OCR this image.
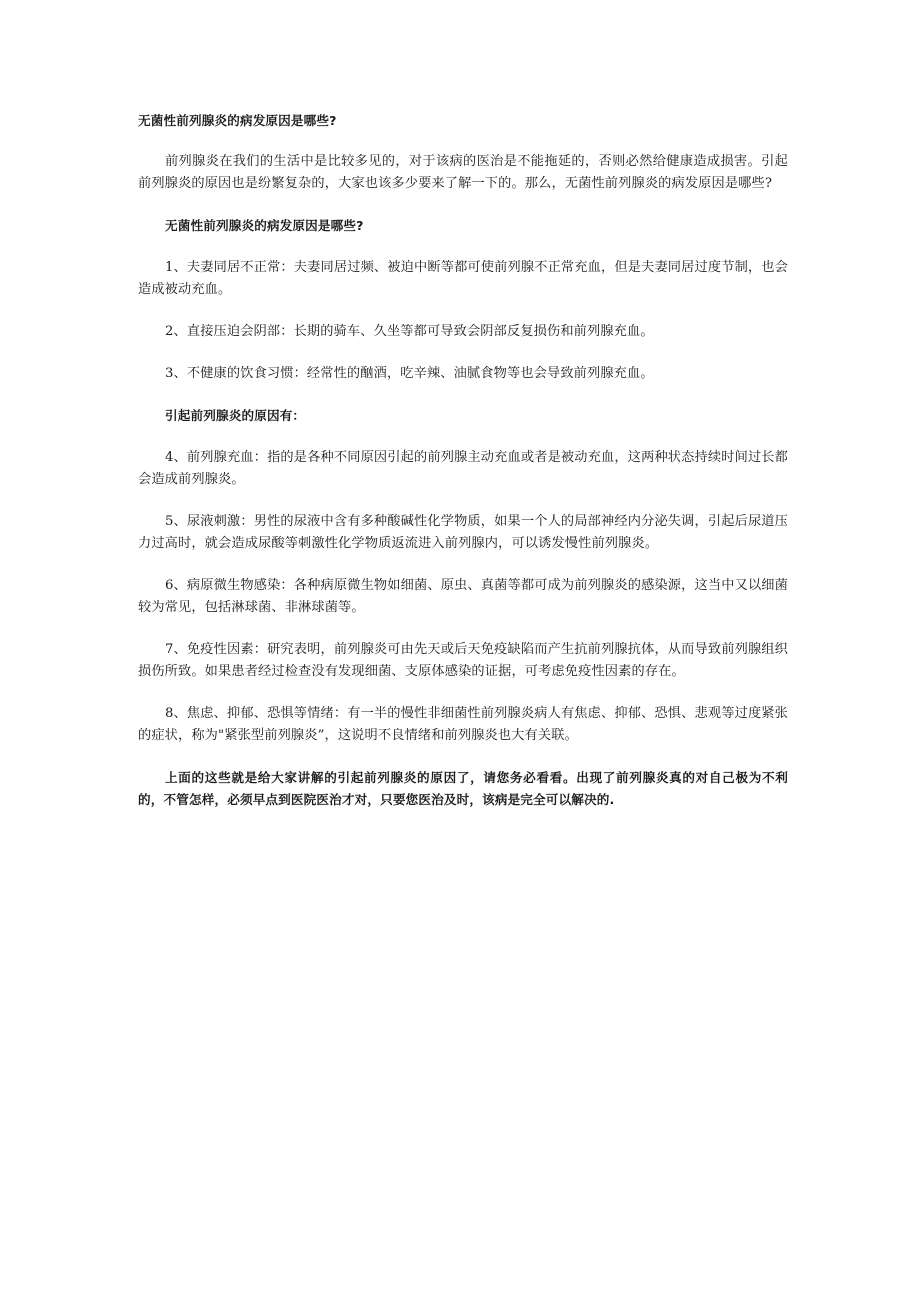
无菌性前列腺炎的病发原因是哪些?

前列腺炎在我们的生活中是比较多见的，对于该病的医治是不能拖延的，否则必然给健康造成损害。引起前列腺炎的原因也是纷繁复杂的，大家也该多少要来了解一下的。那么，无菌性前列腺炎的病发原因是哪些?

无菌性前列腺炎的病发原因是哪些?

1、夫妻同居不正常：夫妻同居过频、被迫中断等都可使前列腺不正常充血，但是夫妻同居过度节制，也会造成被动充血。

2、直接压迫会阴部：长期的骑车、久坐等都可导致会阴部反复损伤和前列腺充血。

3、不健康的饮食习惯：经常性的酗酒，吃辛辣、油腻食物等也会导致前列腺充血。

引起前列腺炎的原因有：

4、前列腺充血：指的是各种不同原因引起的前列腺主动充血或者是被动充血，这两种状态持续时间过长都会造成前列腺炎。

5、尿液刺激：男性的尿液中含有多种酸碱性化学物质，如果一个人的局部神经内分泌失调，引起后尿道压力过高时，就会造成尿酸等刺激性化学物质返流进入前列腺内，可以诱发慢性前列腺炎。

6、病原微生物感染：各种病原微生物如细菌、原虫、真菌等都可成为前列腺炎的感染源，这当中又以细菌较为常见，包括淋球菌、非淋球菌等。

7、免疫性因素：研究表明，前列腺炎可由先天或后天免疫缺陷而产生抗前列腺抗体，从而导致前列腺组织损伤所致。如果患者经过检查没有发现细菌、支原体感染的证据，可考虑免疫性因素的存在。

8、焦虑、抑郁、恐惧等情绪：有一半的慢性非细菌性前列腺炎病人有焦虑、抑郁、恐惧、悲观等过度紧张的症状，称为"紧张型前列腺炎”，这说明不良情绪和前列腺炎也大有关联。

上面的这些就是给大家讲解的引起前列腺炎的原因了，请您务必看看。出现了前列腺炎真的对自己极为不利的，不管怎样，必须早点到医院医治才对，只要您医治及时，该病是完全可以解决的.
